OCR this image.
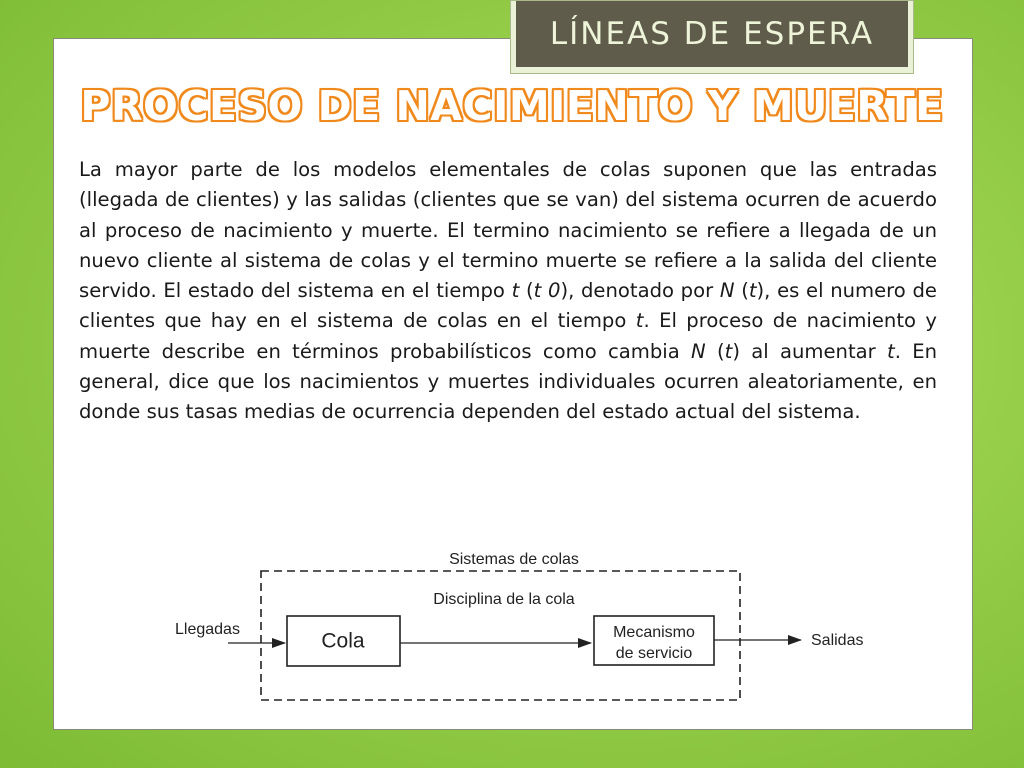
LÍNEAS DE ESPERA
PROCESO DE NACIMIENTO Y MUERTE

La mayor parte de los modelos elementales de colas suponen que las entradas (llegada de clientes) y las salidas (clientes que se van) del sistema ocurren de acuerdo al proceso de nacimiento y muerte. El termino nacimiento se refiere a llegada de un nuevo cliente al sistema de colas y el termino muerte se refiere a la salida del cliente servido. El estado del sistema en el tiempo t (t 0), denotado por N (t), es el numero de clientes que hay en el sistema de colas en el tiempo t. El proceso de nacimiento y muerte describe en términos probabilísticos como cambia N (t) al aumentar t. En general, dice que los nacimientos y muertes individuales ocurren aleatoriamente, en donde sus tasas medias de ocurrencia dependen del estado actual del sistema.

Sistemas de colas
Disciplina de la cola
Llegadas
Cola	Mecanismo
de servicio
Salidas
